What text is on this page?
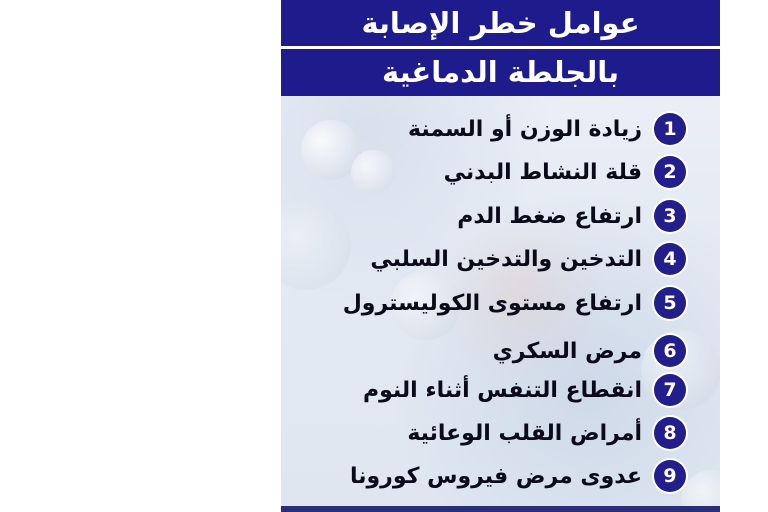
عوامل خطر الإصابة
بالجلطة الدماغية
1
زيادة الوزن أو السمنة
2
قلة النشاط البدني
3
ارتفاع ضغط الدم
4
التدخين والتدخين السلبي
5
ارتفاع مستوى الكوليسترول
6
مرض السكري
7
انقطاع التنفس أثناء النوم
8
أمراض القلب الوعائية
9
عدوى مرض فيروس كورونا
